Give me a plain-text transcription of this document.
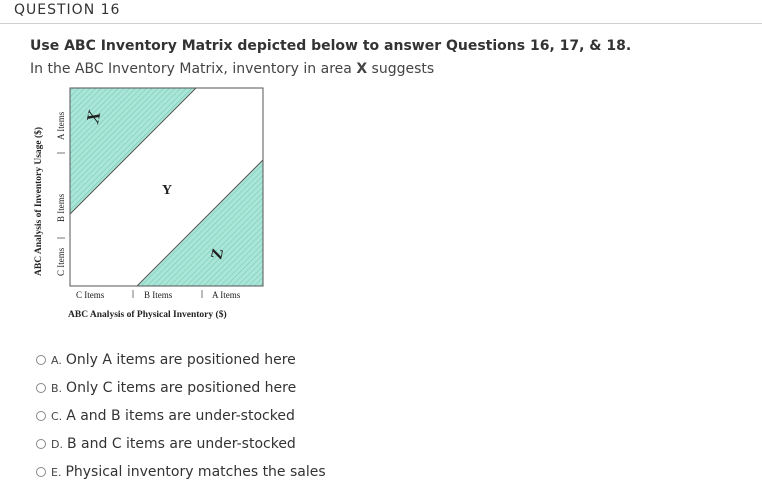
QUESTION 16
Use ABC Inventory Matrix depicted below to answer Questions 16, 17, & 18.
In the ABC Inventory Matrix, inventory in area X suggests
X
Y
Z
ABC Analysis of Inventory Usage ($) C Items
B Items
A Items
C Items	B Items	A Items
ABC Analysis of Physical Inventory ($)
A. Only A items are positioned here
B. Only C items are positioned here
C. A and B items are under-stocked
D. B and C items are under-stocked
E. Physical inventory matches the sales
